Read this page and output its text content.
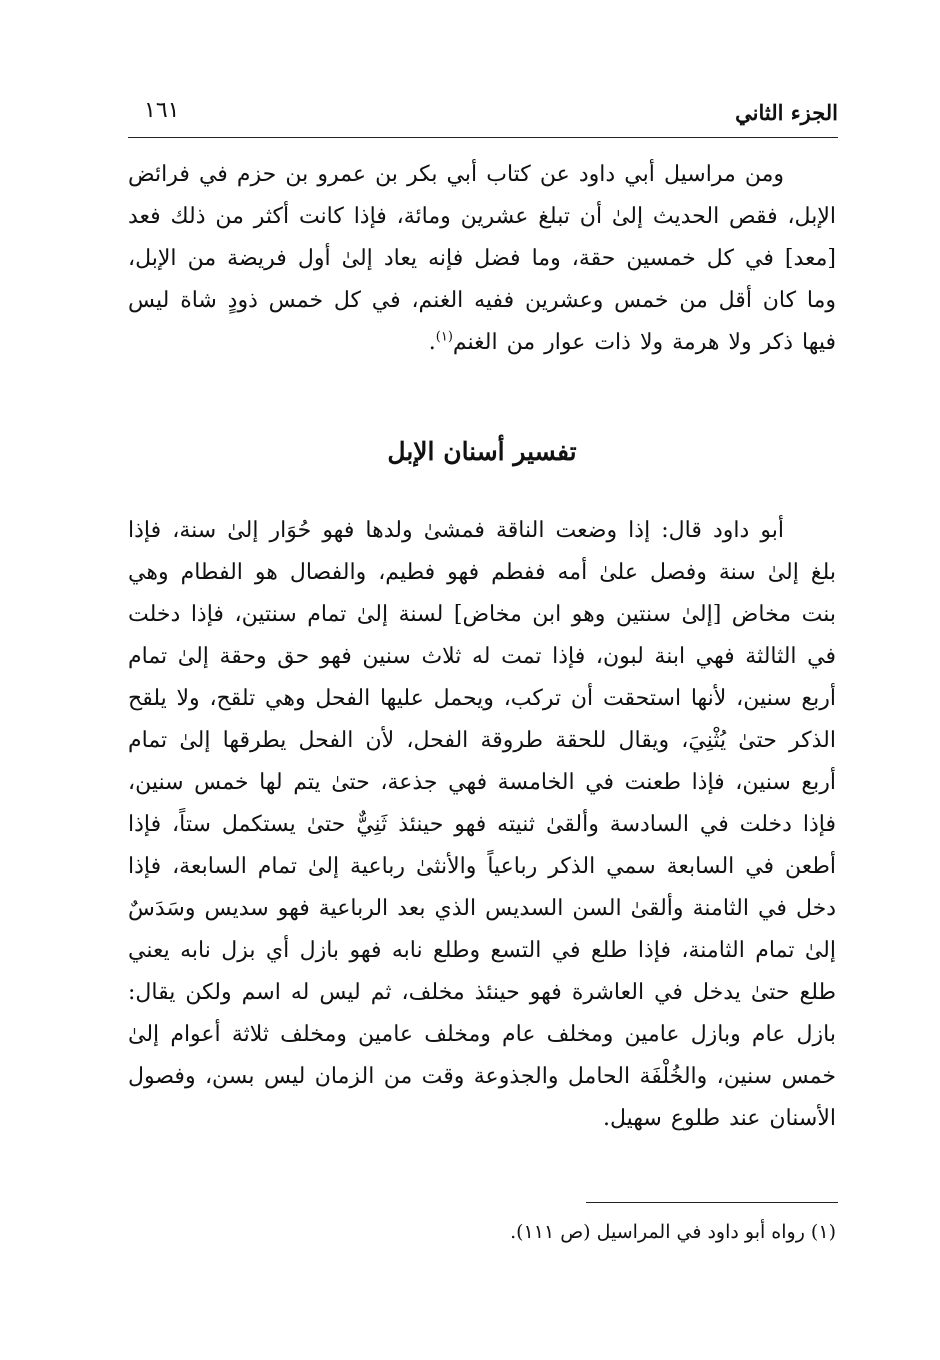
الجزء الثاني
١٦١

ومن مراسيل أبي داود عن كتاب أبي بكر بن عمرو بن حزم في فرائض الإبل، فقص الحديث إلىٰ أن تبلغ عشرين ومائة، فإذا كانت أكثر من ذلك فعد [معد] في كل خمسين حقة، وما فضل فإنه يعاد إلىٰ أول فريضة من الإبل، وما كان أقل من خمس وعشرين ففيه الغنم، في كل خمس ذودٍ شاة ليس فيها ذكر ولا هرمة ولا ذات عوار من الغنم$^{(١)}$.

تفسير أسنان الإبل

أبو داود قال: إذا وضعت الناقة فمشىٰ ولدها فهو حُوَار إلىٰ سنة، فإذا بلغ إلىٰ سنة وفصل علىٰ أمه ففطم فهو فطيم، والفصال هو الفطام وهي بنت مخاض [إلىٰ سنتين وهو ابن مخاض] لسنة إلىٰ تمام سنتين، فإذا دخلت في الثالثة فهي ابنة لبون، فإذا تمت له ثلاث سنين فهو حق وحقة إلىٰ تمام أربع سنين، لأنها استحقت أن تركب، ويحمل عليها الفحل وهي تلقح، ولا يلقح الذكر حتىٰ يُثْنِيَ، ويقال للحقة طروقة الفحل، لأن الفحل يطرقها إلىٰ تمام أربع سنين، فإذا طعنت في الخامسة فهي جذعة، حتىٰ يتم لها خمس سنين، فإذا دخلت في السادسة وألقىٰ ثنيته فهو حينئذ ثَنِيٌّ حتىٰ يستكمل ستاً، فإذا أطعن في السابعة سمي الذكر رباعياً والأنثىٰ رباعية إلىٰ تمام السابعة، فإذا دخل في الثامنة وألقىٰ السن السديس الذي بعد الرباعية فهو سديس وسَدَسٌ إلىٰ تمام الثامنة، فإذا طلع في التسع وطلع نابه فهو بازل أي بزل نابه يعني طلع حتىٰ يدخل في العاشرة فهو حينئذ مخلف، ثم ليس له اسم ولكن يقال: بازل عام وبازل عامين ومخلف عام ومخلف عامين ومخلف ثلاثة أعوام إلىٰ خمس سنين، والخُلْفَة الحامل والجذوعة وقت من الزمان ليس بسن، وفصول الأسنان عند طلوع سهيل.

(١) رواه أبو داود في المراسيل (ص ١١١).
